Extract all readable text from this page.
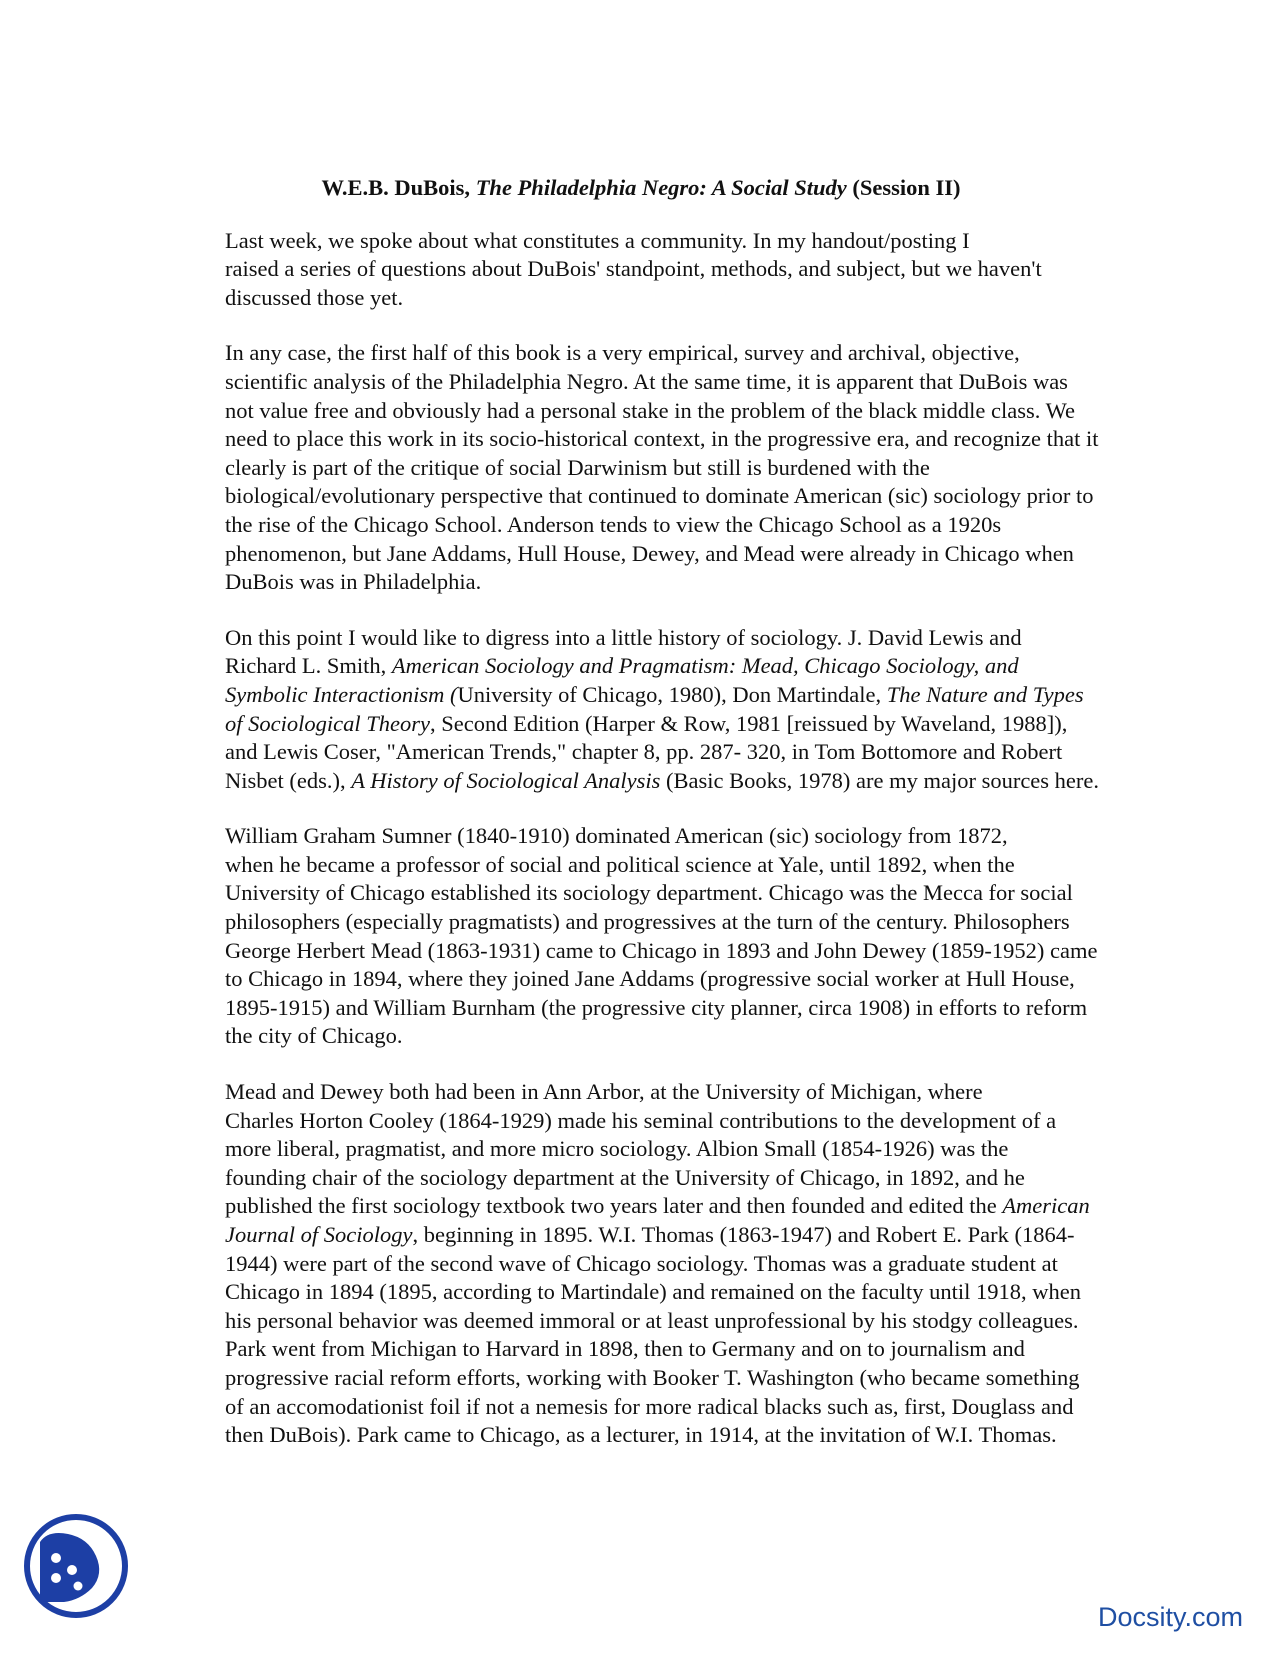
W.E.B. DuBois, The Philadelphia Negro: A Social Study (Session II)
Last week, we spoke about what constitutes a community. In my handout/posting I
raised a series of questions about DuBois' standpoint, methods, and subject, but we haven't
discussed those yet.
In any case, the first half of this book is a very empirical, survey and archival, objective,
scientific analysis of the Philadelphia Negro. At the same time, it is apparent that DuBois was
not value free and obviously had a personal stake in the problem of the black middle class. We
need to place this work in its socio-historical context, in the progressive era, and recognize that it
clearly is part of the critique of social Darwinism but still is burdened with the
biological/evolutionary perspective that continued to dominate American (sic) sociology prior to
the rise of the Chicago School. Anderson tends to view the Chicago School as a 1920s
phenomenon, but Jane Addams, Hull House, Dewey, and Mead were already in Chicago when
DuBois was in Philadelphia.
On this point I would like to digress into a little history of sociology. J. David Lewis and
Richard L. Smith, American Sociology and Pragmatism: Mead, Chicago Sociology, and
Symbolic Interactionism (University of Chicago, 1980), Don Martindale, The Nature and Types
of Sociological Theory, Second Edition (Harper & Row, 1981 [reissued by Waveland, 1988]),
and Lewis Coser, "American Trends," chapter 8, pp. 287- 320, in Tom Bottomore and Robert
Nisbet (eds.), A History of Sociological Analysis (Basic Books, 1978) are my major sources here.
William Graham Sumner (1840-1910) dominated American (sic) sociology from 1872,
when he became a professor of social and political science at Yale, until 1892, when the
University of Chicago established its sociology department. Chicago was the Mecca for social
philosophers (especially pragmatists) and progressives at the turn of the century. Philosophers
George Herbert Mead (1863-1931) came to Chicago in 1893 and John Dewey (1859-1952) came
to Chicago in 1894, where they joined Jane Addams (progressive social worker at Hull House,
1895-1915) and William Burnham (the progressive city planner, circa 1908) in efforts to reform
the city of Chicago.
Mead and Dewey both had been in Ann Arbor, at the University of Michigan, where
Charles Horton Cooley (1864-1929) made his seminal contributions to the development of a
more liberal, pragmatist, and more micro sociology. Albion Small (1854-1926) was the
founding chair of the sociology department at the University of Chicago, in 1892, and he
published the first sociology textbook two years later and then founded and edited the American
Journal of Sociology, beginning in 1895. W.I. Thomas (1863-1947) and Robert E. Park (1864-
1944) were part of the second wave of Chicago sociology. Thomas was a graduate student at
Chicago in 1894 (1895, according to Martindale) and remained on the faculty until 1918, when
his personal behavior was deemed immoral or at least unprofessional by his stodgy colleagues.
Park went from Michigan to Harvard in 1898, then to Germany and on to journalism and
progressive racial reform efforts, working with Booker T. Washington (who became something
of an accomodationist foil if not a nemesis for more radical blacks such as, first, Douglass and
then DuBois). Park came to Chicago, as a lecturer, in 1914, at the invitation of W.I. Thomas.
Docsity.com
